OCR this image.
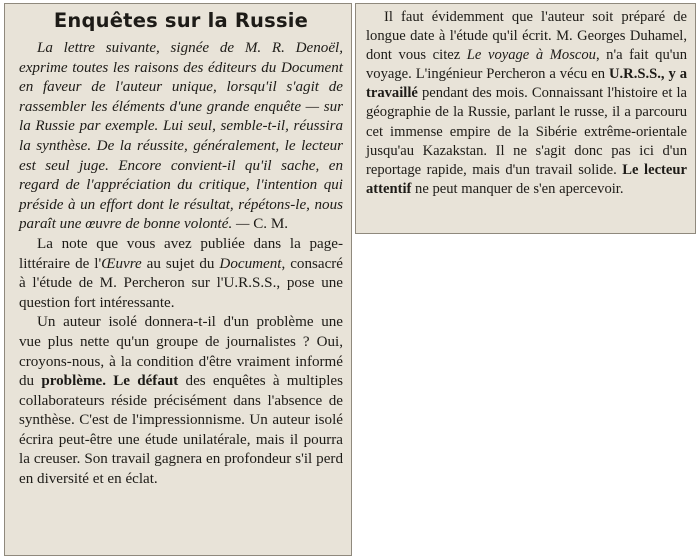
Enquêtes sur la Russie

La lettre suivante, signée de M. R. Denoël, exprime toutes les raisons des éditeurs du Document en faveur de l'auteur unique, lorsqu'il s'agit de rassembler les éléments d'une grande enquête — sur la Russie par exemple. Lui seul, semble-t-il, réussira la synthèse. De la réussite, généralement, le lecteur est seul juge. Encore convient-il qu'il sache, en regard de l'appréciation du critique, l'intention qui préside à un effort dont le résultat, répétons-le, nous paraît une œuvre de bonne volonté. — C. M.

La note que vous avez publiée dans la page-littéraire de l'Œuvre au sujet du Document, consacré à l'étude de M. Percheron sur l'U.R.S.S., pose une question fort intéressante.

Un auteur isolé donnera-t-il d'un problème une vue plus nette qu'un groupe de journalistes ? Oui, croyons-nous, à la condition d'être vraiment informé du problème. Le défaut des enquêtes à multiples collaborateurs réside précisément dans l'absence de synthèse. C'est de l'impressionnisme. Un auteur isolé écrira peut-être une étude unilatérale, mais il pourra la creuser. Son travail gagnera en profondeur s'il perd en diversité et en éclat.

Il faut évidemment que l'auteur soit préparé de longue date à l'étude qu'il écrit. M. Georges Duhamel, dont vous citez Le voyage à Moscou, n'a fait qu'un voyage. L'ingénieur Percheron a vécu en U.R.S.S., y a travaillé pendant des mois. Connaissant l'histoire et la géographie de la Russie, parlant le russe, il a parcouru cet immense empire de la Sibérie extrême-orientale jusqu'au Kazakstan. Il ne s'agit donc pas ici d'un reportage rapide, mais d'un travail solide. Le lecteur attentif ne peut manquer de s'en apercevoir.
